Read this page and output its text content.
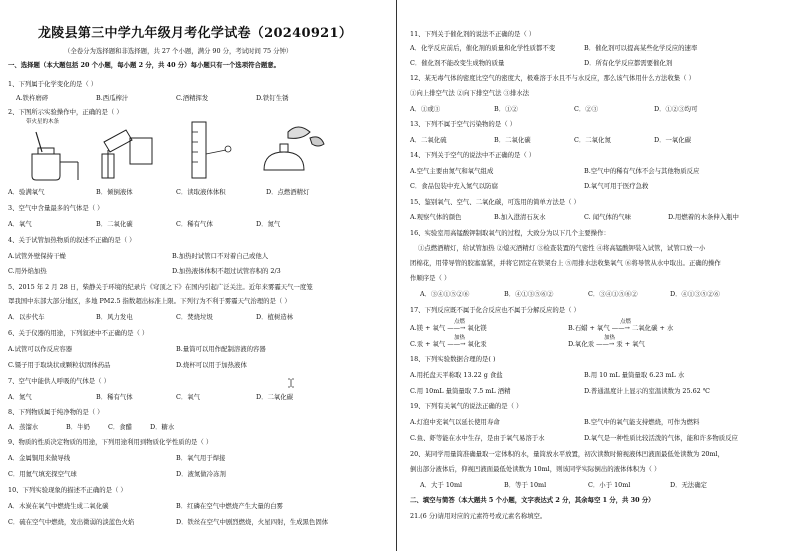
龙陵县第三中学九年级月考化学试卷（20240921）
（全卷分为选择题和非选择题，共 27 个小题，满分 90 分，考试时间 75 分钟）
一、选择题（本大题包括 20 个小题，每小题 2 分，共 40 分）每小题只有一个选项符合题意。
1、下列属于化学变化的是（ ）
A.铁杵磨碎	B.西瓜榨汁	C.酒精挥发	D.铁钉生锈
2、下图所示实验操作中，正确的是（ ）
带火星的木条
A．验满氧气	B．倾倒液体	C．读取液体体积	D．点燃酒精灯
3、空气中含量最多的气体是（ ）
A．氧气	B．二氧化碳	C．稀有气体	D．氮气
4、关于试管加热物质的叙述不正确的是（ ）
A.试管外壁保持干燥	B.加热时试管口不对着自己或他人
C.用外焰加热	D.加热液体体积不超过试管容积的 2/3
5、2015 年 2 月 28 日，柴静关于环境的纪录片《穹顶之下》在国内引起广泛关注。近年来雾霾天气一度笼
罩我国中东部大部分地区，多地 PM2.5 指数超出标准上限。下列行为不利于雾霾天气治理的是（ ）
A．以步代车	B．风力发电	C．焚烧垃圾	D．植树造林
6、关于仪器的用途，下列叙述中不正确的是（ ）
A.试管可以作反应容器	B.量筒可以用作配制溶液的容器
C.镊子用于取块状或颗粒状固体药品	D.烧杯可以用于加热液体
7、空气中能供人呼吸的气体是（ ）
A．氮气	B．稀有气体	C．氧气	D．二氧化碳
8、下列物质属于纯净物的是（ ）
A．蒸馏水	B．牛奶	C．食醋	D．糖水
9、物质的性质决定物质的用途，下列用途利用到物质化学性质的是（ ）
A．金属铜用来做导线	B．氧气用于焊接
C．用氦气填充探空气球	D．液氮做冷冻剂
10、下列实验现象的描述不正确的是（ ）
A．木炭在氧气中燃烧生成二氧化碳	B．红磷在空气中燃烧产生大量的白雾
C．硫在空气中燃烧，发出微弱的淡蓝色火焰	D．铁丝在空气中剧烈燃烧，火星四射，生成黑色固体
11、下列关于催化剂的说法不正确的是（ ）
A．化学反应前后，催化剂的质量和化学性质都不变	B．催化剂可以提高某些化学反应的速率
C．催化剂不能改变生成物的质量	D．所有化学反应都需要催化剂
12、某无毒气体的密度比空气的密度大，极难溶于水且不与水反应，那么该气体用什么方法收集（ ）
①向上排空气法 ②向下排空气法 ③排水法
A．①或③	B．①②	C．②③	D．①②③均可
13、下列不属于空气污染物的是（ ）
A．二氧化硫	B．二氧化碳	C．二氧化氮	D．一氧化碳
14、下列关于空气的说法中不正确的是（ ）
A.空气主要由氮气和氧气组成	B.空气中的稀有气体不会与其他物质反应
C．食品包装中充入氮气以防腐	D.氧气可用于医疗急救
15、鉴别氧气、空气、二氧化碳，可选用的简单方法是（ ）
A.观察气体的颜色	B.加入澄清石灰水	C. 闻气体的气味	D.用燃着的木条伸入瓶中
16、实验室用高锰酸钾制取氧气的过程，大致分为以下几个主要操作：
①点燃酒精灯，给试管加热 ②熄灭酒精灯 ③检查装置的气密性 ④将高锰酸钾装入试管，试管口放一小
团棉花，用带导管的胶塞塞紧，并将它固定在铁架台上 ⑤用排水法收集氧气 ⑥将导管从水中取出。正确的操作
作顺序是（ ）
A．③④①⑤②⑥	B．④①③⑤⑥②	C．③④①⑤⑥②	D．④①③⑤②⑥
17、下列反应既不属于化合反应也不属于分解反应的是（ ）
点燃
A.镁 + 氧气 ——→ 氧化镁
点燃
B.石蜡 + 氧气 ——→ 二氧化碳 + 水
加热
C.汞 + 氧气 ——→ 氧化汞
加热
D.氧化汞 ——→ 汞 + 氧气
18、下列实验数据合理的是( )
A.用托盘天平称取 13.22 g 食盐	B.用 10 mL 量筒量取 6.23 mL 水
C.用 10mL 量筒量取 7.5 mL 酒精	D.普通温度计上显示的室温读数为 25.62 ℃
19、下列有关氧气的说法正确的是（ ）
A.灯泡中充氧气以延长使用寿命	B.空气中的氧气能支持燃烧，可作为燃料
C.鱼、虾等能在水中生存，是由于氧气易溶于水	D.氧气是一种性质比较活泼的气体，能和许多物质反应
20、某同学用量筒准确量取一定体积的水，量筒放水平放置，初次读数时俯视液体凹液面最低处读数为 20ml，
倒出部分液体后，仰视凹液面最低处读数为 10ml，则该同学实际倒出的液体体积为（ ）
A．大于 10ml	B．等于 10ml	C．小于 10ml	D．无法确定
二、填空与简答（本大题共 5 个小题，文字表达式 2 分，其余每空 1 分，共 30 分）
21.(6 分)请用对应的元素符号或元素名称填空。
